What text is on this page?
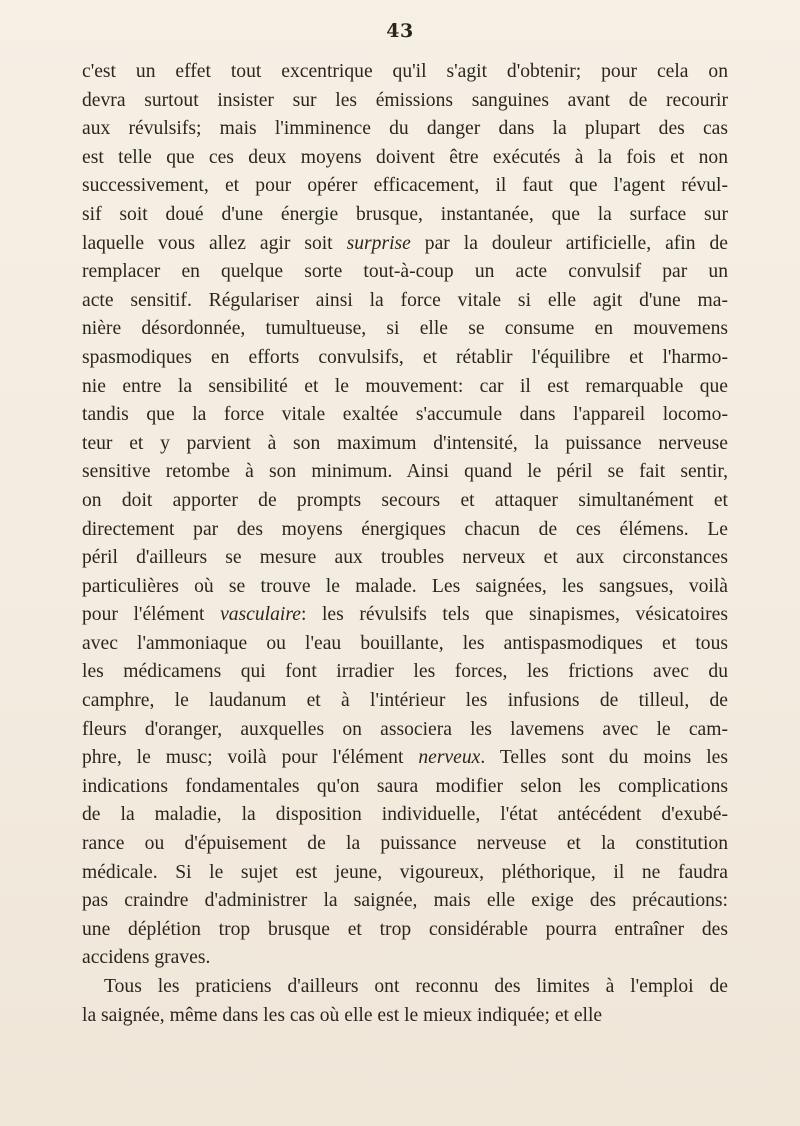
43
c'est un effet tout excentrique qu'il s'agit d'obtenir; pour cela on
devra surtout insister sur les émissions sanguines avant de recourir
aux révulsifs; mais l'imminence du danger dans la plupart des cas
est telle que ces deux moyens doivent être exécutés à la fois et non
successivement, et pour opérer efficacement, il faut que l'agent révul-
sif soit doué d'une énergie brusque, instantanée, que la surface sur
laquelle vous allez agir soit surprise par la douleur artificielle, afin de
remplacer en quelque sorte tout-à-coup un acte convulsif par un
acte sensitif. Régulariser ainsi la force vitale si elle agit d'une ma-
nière désordonnée, tumultueuse, si elle se consume en mouvemens
spasmodiques en efforts convulsifs, et rétablir l'équilibre et l'harmo-
nie entre la sensibilité et le mouvement: car il est remarquable que
tandis que la force vitale exaltée s'accumule dans l'appareil locomo-
teur et y parvient à son maximum d'intensité, la puissance nerveuse
sensitive retombe à son minimum. Ainsi quand le péril se fait sentir,
on doit apporter de prompts secours et attaquer simultanément et
directement par des moyens énergiques chacun de ces élémens. Le
péril d'ailleurs se mesure aux troubles nerveux et aux circonstances
particulières où se trouve le malade. Les saignées, les sangsues, voilà
pour l'élément vasculaire: les révulsifs tels que sinapismes, vésicatoires
avec l'ammoniaque ou l'eau bouillante, les antispasmodiques et tous
les médicamens qui font irradier les forces, les frictions avec du
camphre, le laudanum et à l'intérieur les infusions de tilleul, de
fleurs d'oranger, auxquelles on associera les lavemens avec le cam-
phre, le musc; voilà pour l'élément nerveux. Telles sont du moins les
indications fondamentales qu'on saura modifier selon les complications
de la maladie, la disposition individuelle, l'état antécédent d'exubé-
rance ou d'épuisement de la puissance nerveuse et la constitution
médicale. Si le sujet est jeune, vigoureux, pléthorique, il ne faudra
pas craindre d'administrer la saignée, mais elle exige des précautions:
une déplétion trop brusque et trop considérable pourra entraîner des
accidens graves.
Tous les praticiens d'ailleurs ont reconnu des limites à l'emploi de
la saignée, même dans les cas où elle est le mieux indiquée; et elle
